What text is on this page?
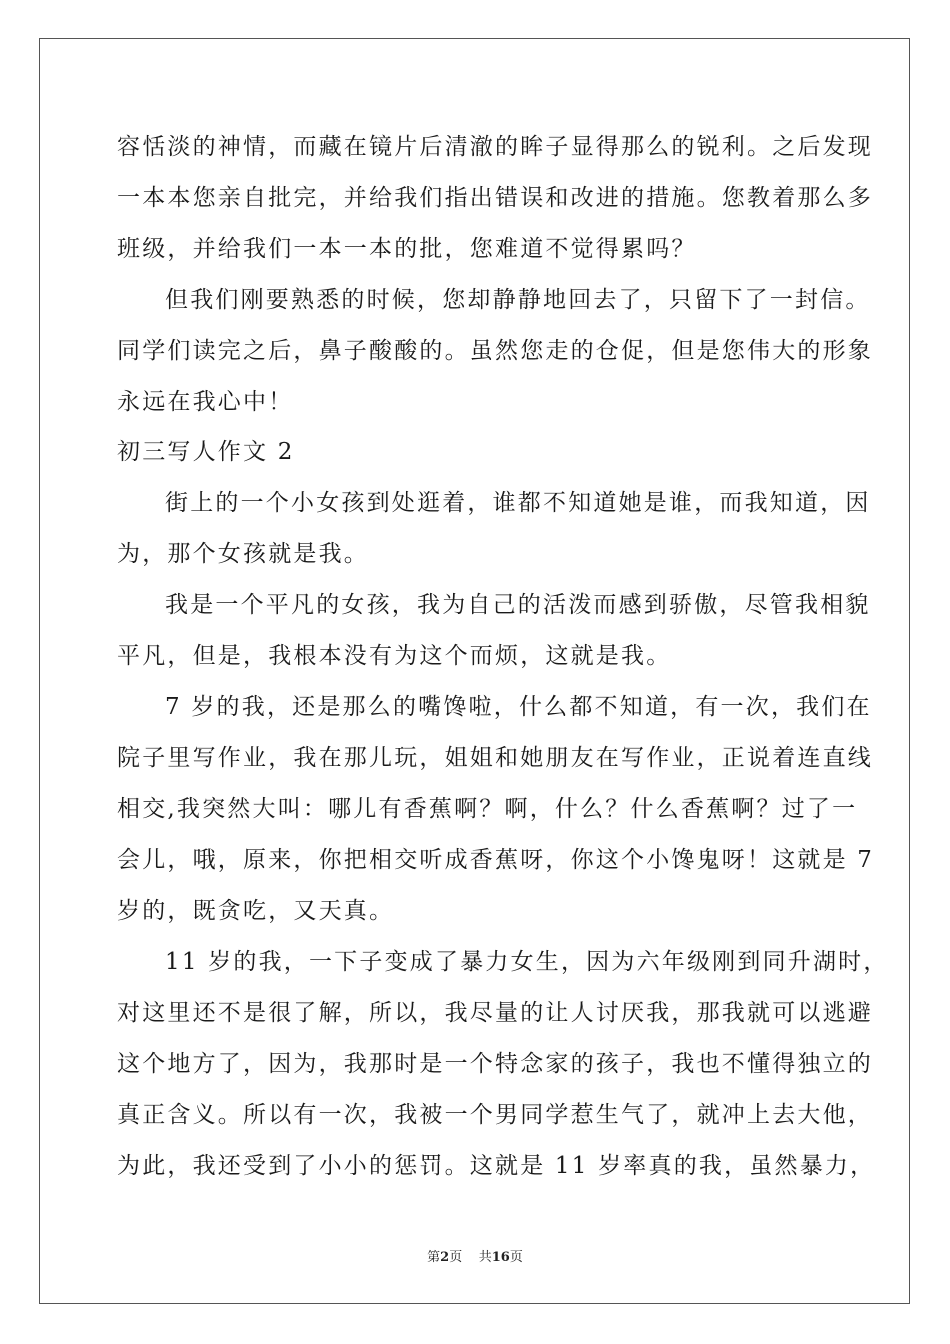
容恬淡的神情，而藏在镜片后清澈的眸子显得那么的锐利。之后发现
一本本您亲自批完，并给我们指出错误和改进的措施。您教着那么多
班级，并给我们一本一本的批，您难道不觉得累吗？
但我们刚要熟悉的时候，您却静静地回去了，只留下了一封信。
同学们读完之后，鼻子酸酸的。虽然您走的仓促，但是您伟大的形象
永远在我心中！
初三写人作文 2
街上的一个小女孩到处逛着，谁都不知道她是谁，而我知道，因
为，那个女孩就是我。
我是一个平凡的女孩，我为自己的活泼而感到骄傲，尽管我相貌
平凡，但是，我根本没有为这个而烦，这就是我。
7 岁的我，还是那么的嘴馋啦，什么都不知道，有一次，我们在
院子里写作业，我在那儿玩，姐姐和她朋友在写作业，正说着连直线
相交,我突然大叫：哪儿有香蕉啊？啊，什么？什么香蕉啊？过了一
会儿，哦，原来，你把相交听成香蕉呀，你这个小馋鬼呀！这就是 7
岁的，既贪吃，又天真。
11 岁的我，一下子变成了暴力女生，因为六年级刚到同升湖时，
对这里还不是很了解，所以，我尽量的让人讨厌我，那我就可以逃避
这个地方了，因为，我那时是一个特念家的孩子，我也不懂得独立的
真正含义。所以有一次，我被一个男同学惹生气了，就冲上去大他，
为此，我还受到了小小的惩罚。这就是 11 岁率真的我，虽然暴力，
第2页    共16页
